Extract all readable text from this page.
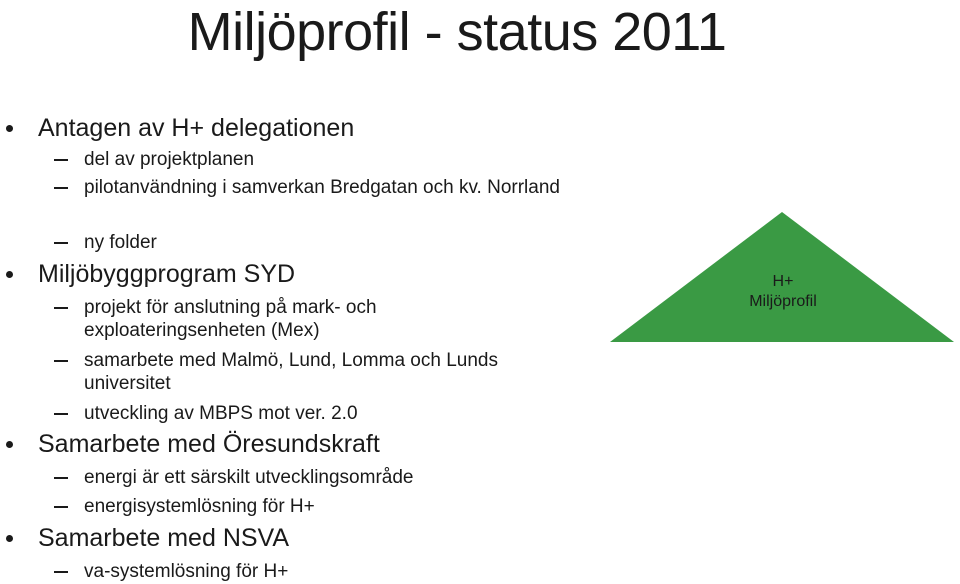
Miljöprofil - status 2011
Antagen av H+ delegationen
del av projektplanen
pilotanvändning i samverkan Bredgatan och kv. Norrland
ny folder
Miljöbyggprogram SYD
projekt för anslutning på mark- och exploateringsenheten (Mex)
samarbete med Malmö, Lund, Lomma och Lunds universitet
utveckling av MBPS mot ver. 2.0
Samarbete med Öresundskraft
energi är ett särskilt utvecklingsområde
energisystemlösning för H+
Samarbete med NSVA
va-systemlösning för H+
H+
Miljöprofil
